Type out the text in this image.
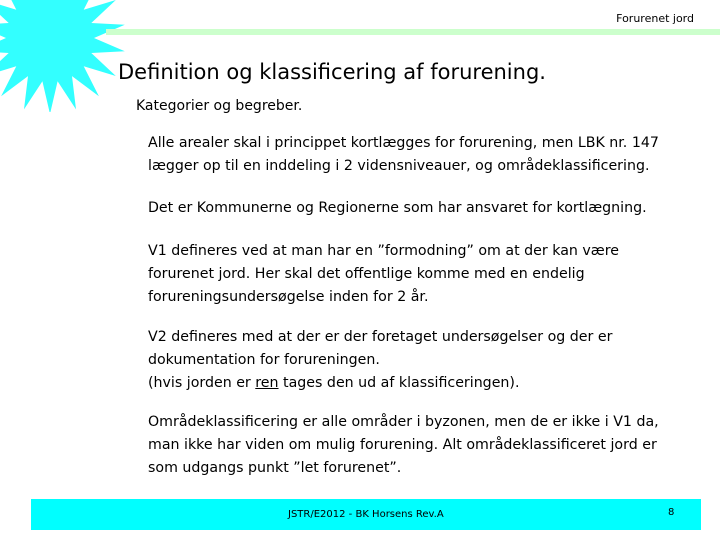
Forurenet jord
Definition og klassificering af forurening.
Kategorier og begreber.
Alle arealer skal i princippet kortlægges for forurening, men LBK nr. 147
lægger op til en inddeling i 2 vidensniveauer, og områdeklassificering.
Det er Kommunerne og Regionerne som har ansvaret for kortlægning.
V1 defineres ved at man har en ”formodning” om at der kan være
forurenet jord. Her skal det offentlige komme med en endelig
forureningsundersøgelse inden for 2 år.
V2 defineres med at der er der foretaget undersøgelser og der er
dokumentation for forureningen.
(hvis jorden er ren tages den ud af klassificeringen).
Områdeklassificering er alle områder i byzonen, men de er ikke i V1 da,
man ikke har viden om mulig forurening. Alt områdeklassificeret jord er
som udgangs punkt ”let forurenet”.
JSTR/E2012 - BK Horsens Rev.A	8
